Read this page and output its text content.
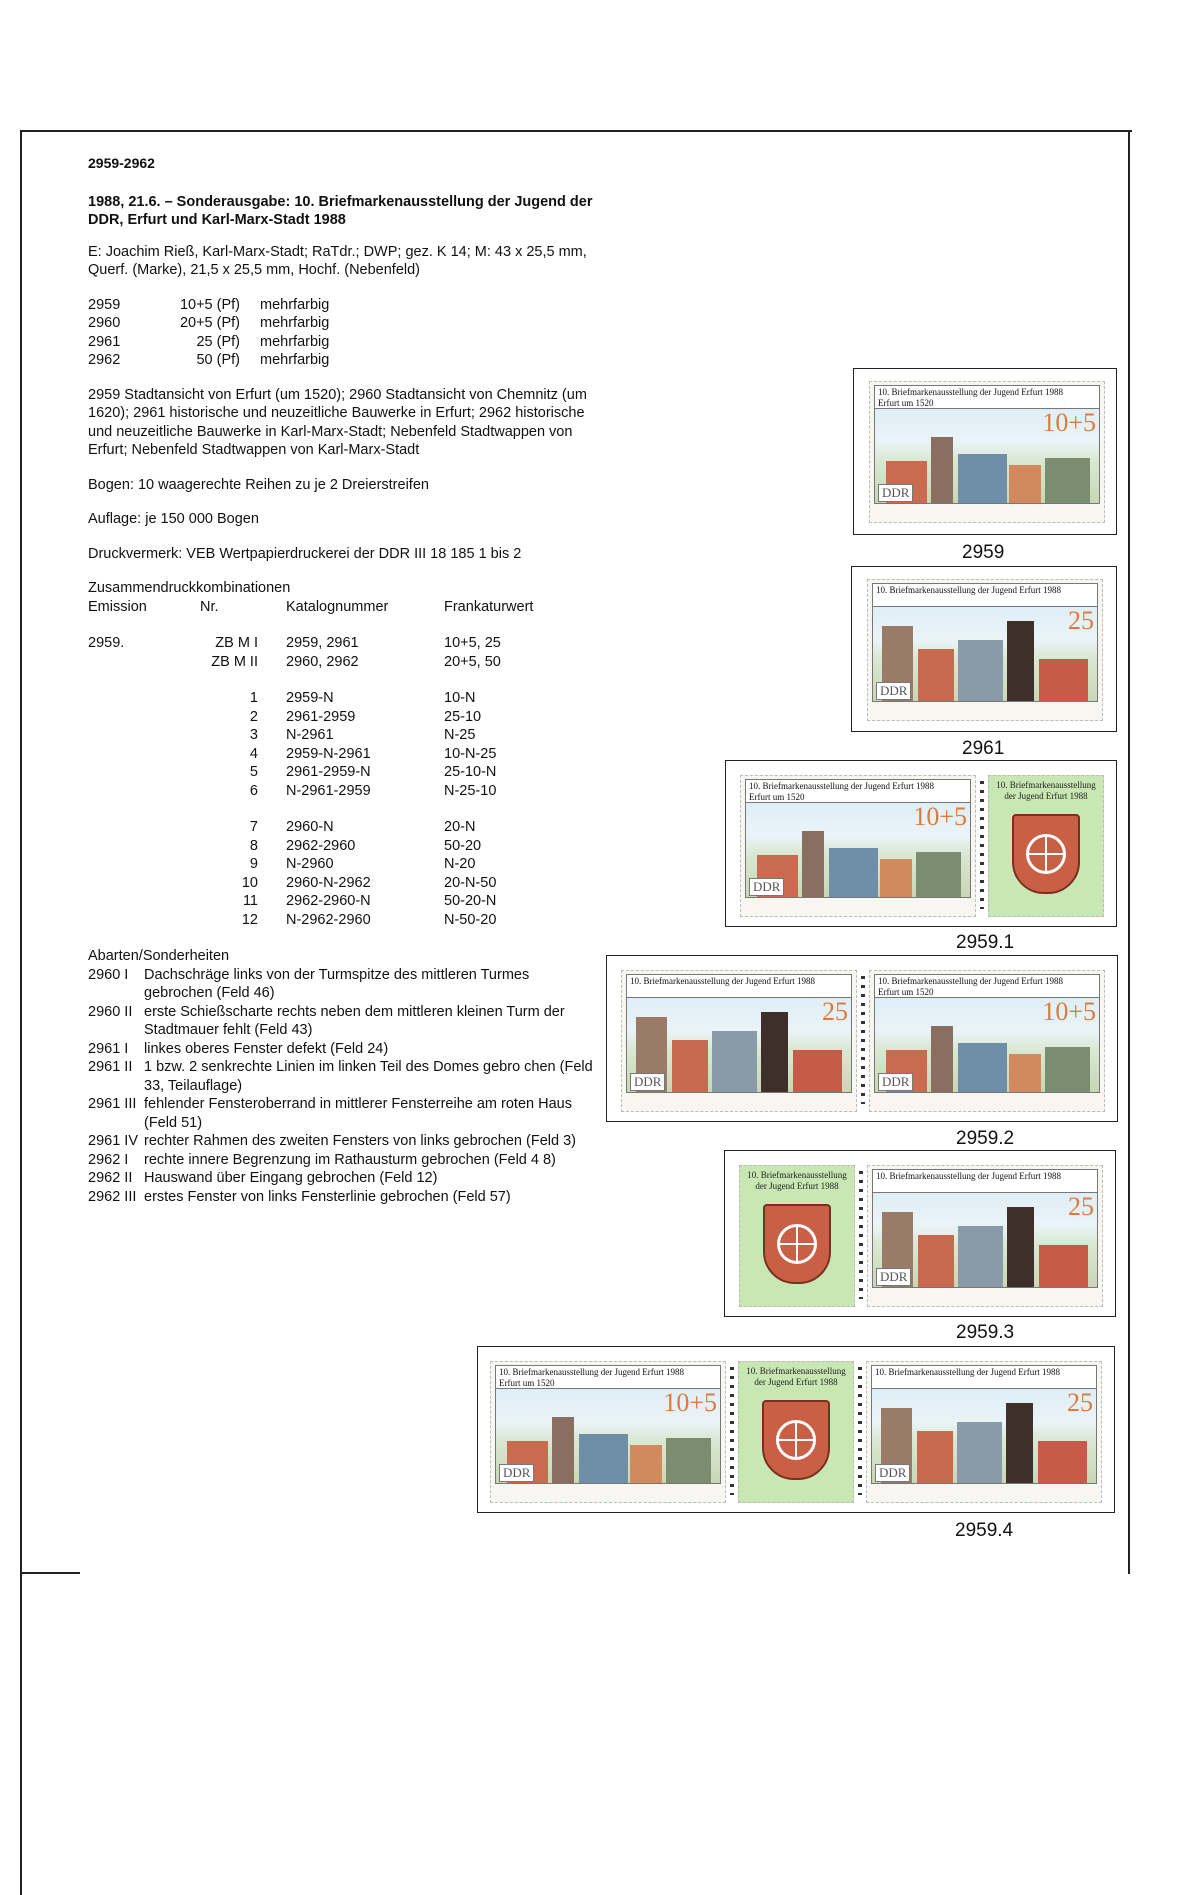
2959-2962
1988, 21.6. – Sonderausgabe: 10. Briefmarkenausstellung der Jugend der DDR, Erfurt und Karl-Marx-Stadt 1988
E: Joachim Rieß, Karl-Marx-Stadt; RaTdr.; DWP; gez. K 14; M: 43 x 25,5 mm, Querf. (Marke), 21,5 x 25,5 mm, Hochf. (Nebenfeld)
2959	10+5 (Pf)	mehrfarbig
2960	20+5 (Pf)	mehrfarbig
2961	25 (Pf)	mehrfarbig
2962	50 (Pf)	mehrfarbig
2959 Stadtansicht von Erfurt (um 1520); 2960 Stadtansicht von Chemnitz (um 1620); 2961 historische und neuzeitliche Bauwerke in Erfurt; 2962 historische und neuzeitliche Bauwerke in Karl-Marx-Stadt; Nebenfeld Stadtwappen von Erfurt; Nebenfeld Stadtwappen von Karl-Marx-Stadt
Bogen: 10 waagerechte Reihen zu je 2 Dreierstreifen
Auflage: je 150 000 Bogen
Druckvermerk: VEB Wertpapierdruckerei der DDR III 18 185 1 bis 2
Zusammendruckkombinationen
Emission	Nr.	Katalognummer	Frankaturwert

2959.	ZB M I	2959, 2961	10+5, 25
	ZB M II	2960, 2962	20+5, 50

	1	2959-N	10-N
	2	2961-2959	25-10
	3	N-2961	N-25
	4	2959-N-2961	10-N-25
	5	2961-2959-N	25-10-N
	6	N-2961-2959	N-25-10

	7	2960-N	20-N
	8	2962-2960	50-20
	9	N-2960	N-20
	10	2960-N-2962	20-N-50
	11	2962-2960-N	50-20-N
	12	N-2962-2960	N-50-20
Abarten/Sonderheiten
2960 I	Dachschräge links von der Turmspitze des mittleren Turmes gebrochen (Feld 46)
2960 II	erste Schießscharte rechts neben dem mittleren kleinen Turm der Stadtmauer fehlt (Feld 43)
2961 I	linkes oberes Fenster defekt (Feld 24)
2961 II	1 bzw. 2 senkrechte Linien im linken Teil des Domes gebro chen (Feld 33, Teilauflage)
2961 III	fehlender Fensteroberrand in mittlerer Fensterreihe am roten Haus (Feld 51)
2961 IV	rechter Rahmen des zweiten Fensters von links gebrochen (Feld 3)
2962 I	rechte innere Begrenzung im Rathausturm gebrochen (Feld 4 8)
2962 II	Hauswand über Eingang gebrochen (Feld 12)
2962 III	erstes Fenster von links Fensterlinie gebrochen (Feld 57)
10. Briefmarkenausstellung der Jugend Erfurt 1988
Erfurt um 1520
10+5
DDR
2959
10. Briefmarkenausstellung der Jugend Erfurt 1988
25
DDR
2961
10. Briefmarkenausstellung der Jugend Erfurt 1988
Erfurt um 1520
10+5
DDR
10. Briefmarkenausstellung der Jugend Erfurt 1988
2959.1
10. Briefmarkenausstellung der Jugend Erfurt 1988
25
DDR
10. Briefmarkenausstellung der Jugend Erfurt 1988
Erfurt um 1520
10+5
DDR
2959.2
10. Briefmarkenausstellung der Jugend Erfurt 1988
10. Briefmarkenausstellung der Jugend Erfurt 1988
25
DDR
2959.3
10. Briefmarkenausstellung der Jugend Erfurt 1988
Erfurt um 1520
10+5
DDR
10. Briefmarkenausstellung der Jugend Erfurt 1988
10. Briefmarkenausstellung der Jugend Erfurt 1988
25
DDR
2959.4
